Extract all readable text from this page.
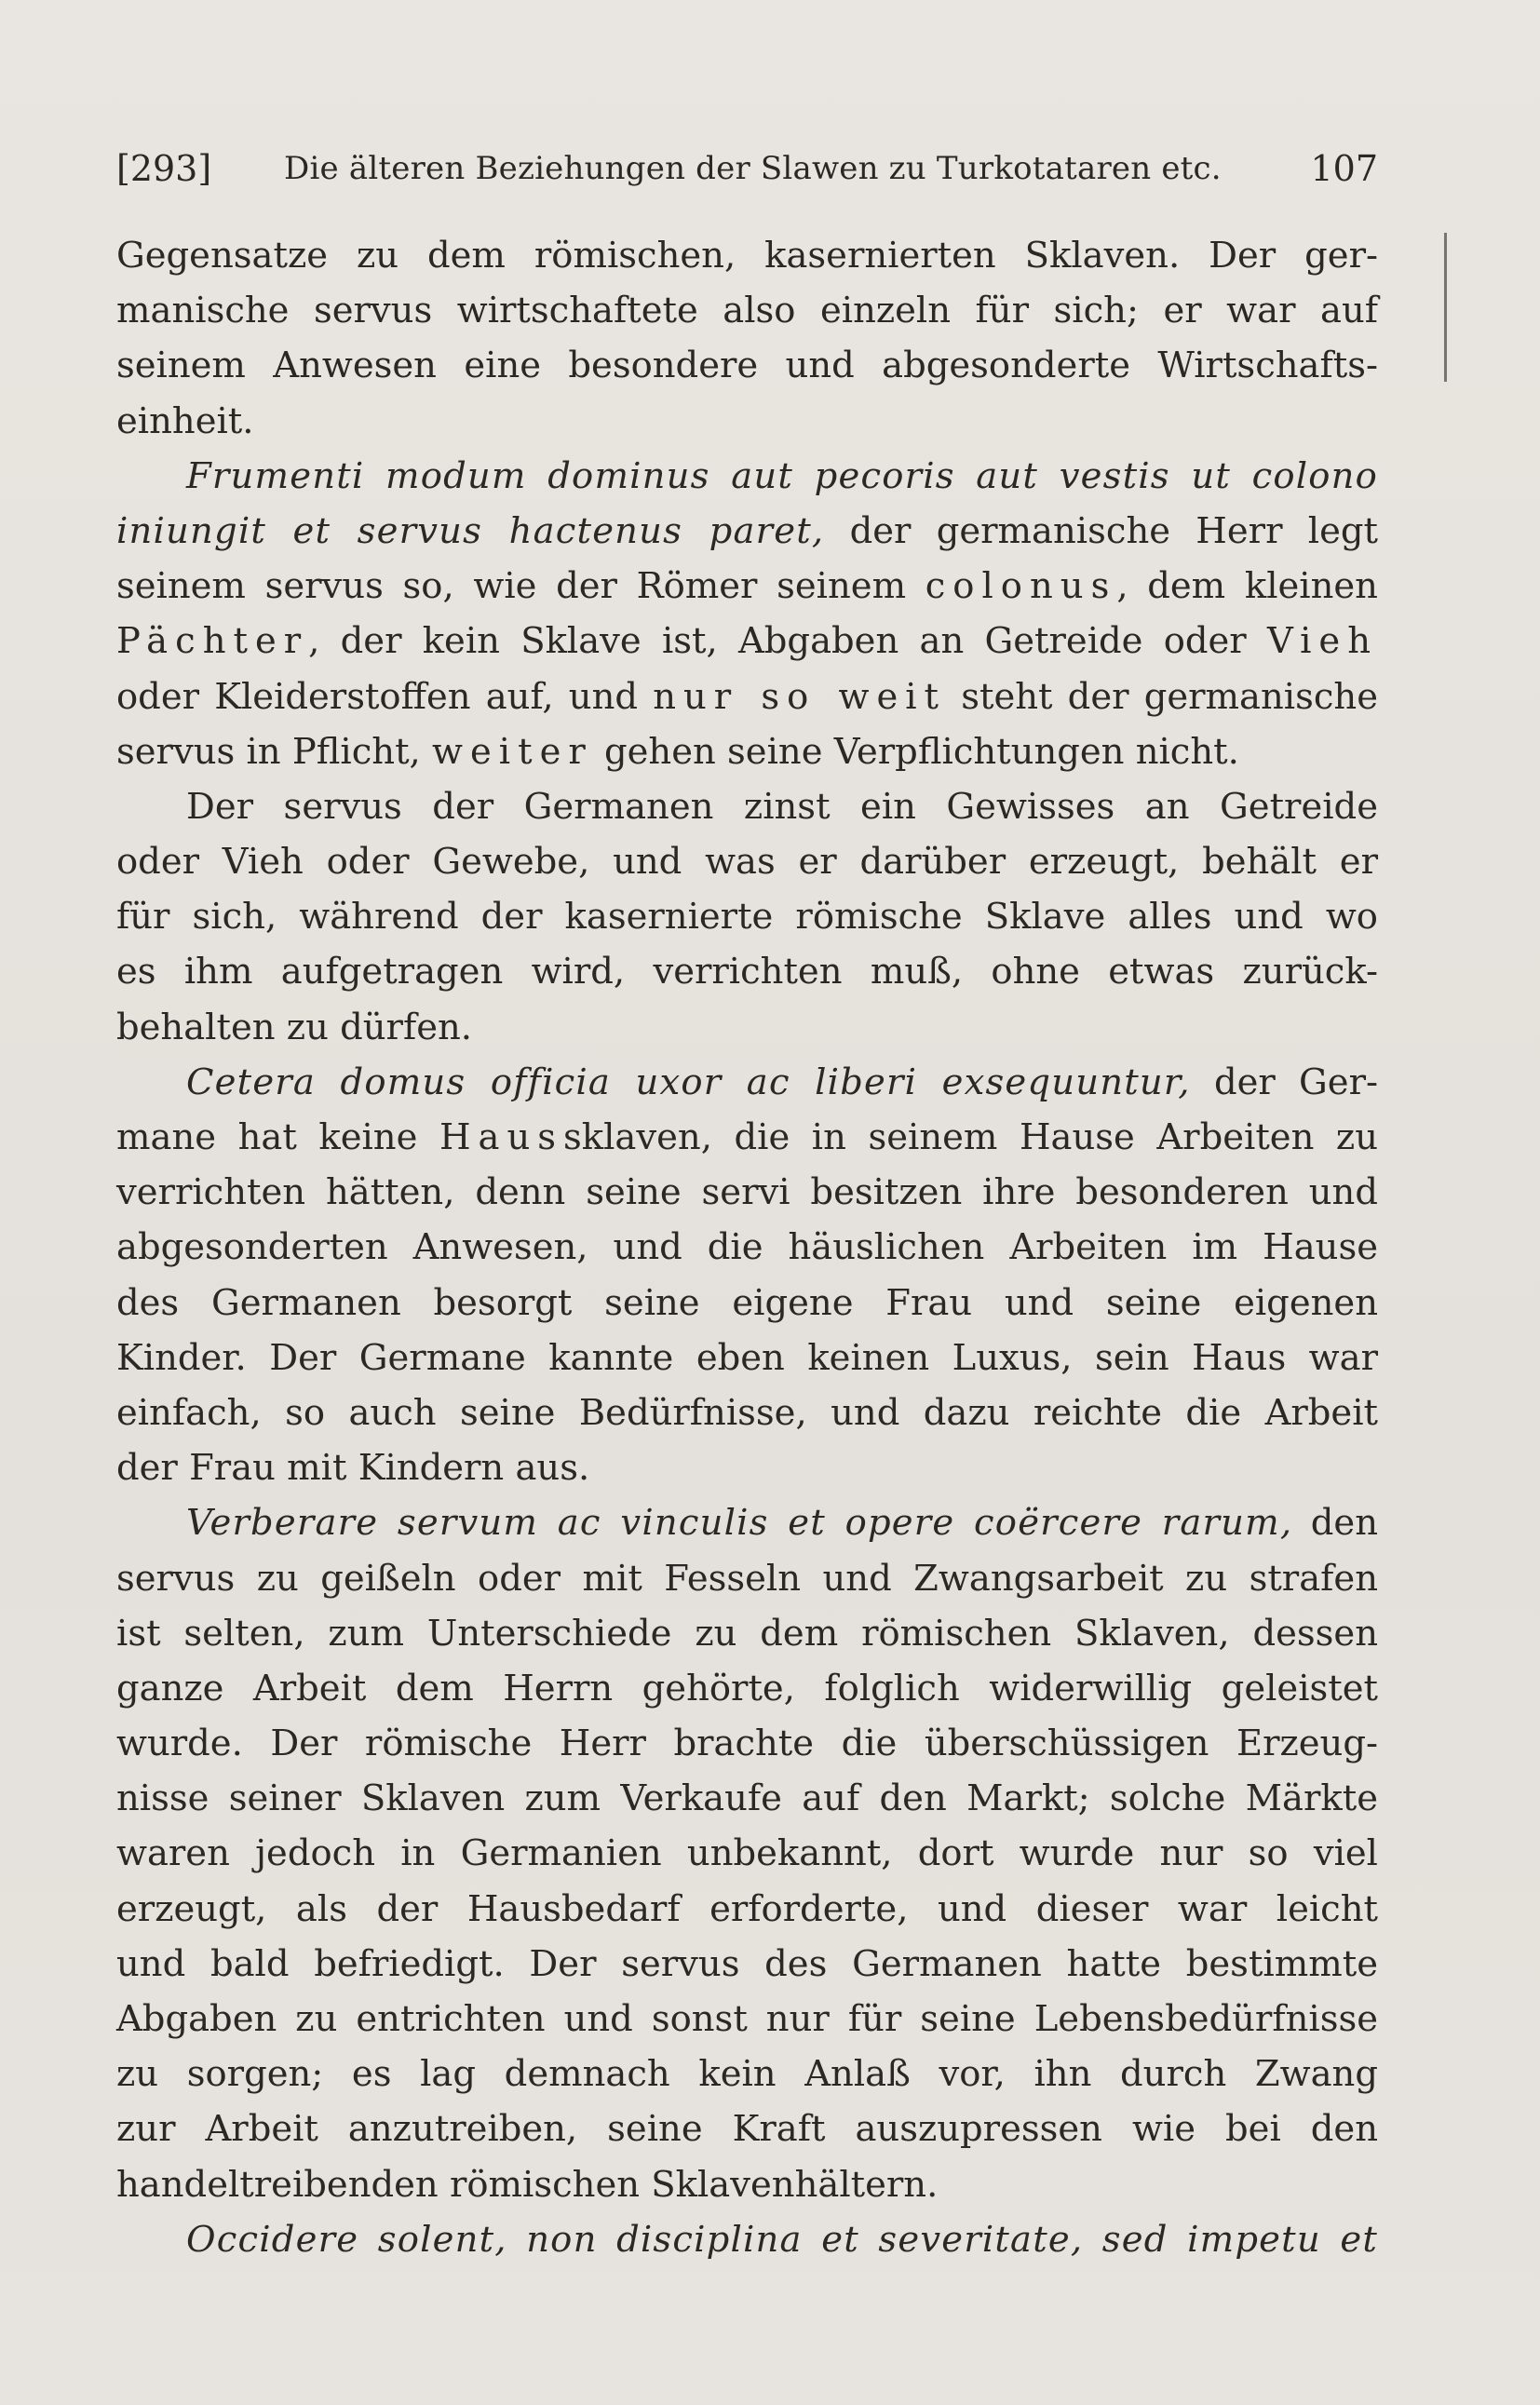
[293] Die älteren Beziehungen der Slawen zu Turkotataren etc.	107
Gegensatze zu dem römischen, kasernierten Sklaven. Der ger-
manische servus wirtschaftete also einzeln für sich; er war auf
seinem Anwesen eine besondere und abgesonderte Wirtschafts-
einheit.
Frumenti modum dominus aut pecoris aut vestis ut colono
iniungit et servus hactenus paret, der germanische Herr legt
seinem servus so, wie der Römer seinem colonus, dem kleinen
Pächter, der kein Sklave ist, Abgaben an Getreide oder Vieh
oder Kleiderstoffen auf, und nur so weit steht der germanische
servus in Pflicht, weiter gehen seine Verpflichtungen nicht.
Der servus der Germanen zinst ein Gewisses an Getreide
oder Vieh oder Gewebe, und was er darüber erzeugt, behält er
für sich, während der kasernierte römische Sklave alles und wo
es ihm aufgetragen wird, verrichten muß, ohne etwas zurück-
behalten zu dürfen.
Cetera domus officia uxor ac liberi exsequuntur, der Ger-
mane hat keine Haussklaven, die in seinem Hause Arbeiten zu
verrichten hätten, denn seine servi besitzen ihre besonderen und
abgesonderten Anwesen, und die häuslichen Arbeiten im Hause
des Germanen besorgt seine eigene Frau und seine eigenen
Kinder. Der Germane kannte eben keinen Luxus, sein Haus war
einfach, so auch seine Bedürfnisse, und dazu reichte die Arbeit
der Frau mit Kindern aus.
Verberare servum ac vinculis et opere coërcere rarum, den
servus zu geißeln oder mit Fesseln und Zwangsarbeit zu strafen
ist selten, zum Unterschiede zu dem römischen Sklaven, dessen
ganze Arbeit dem Herrn gehörte, folglich widerwillig geleistet
wurde. Der römische Herr brachte die überschüssigen Erzeug-
nisse seiner Sklaven zum Verkaufe auf den Markt; solche Märkte
waren jedoch in Germanien unbekannt, dort wurde nur so viel
erzeugt, als der Hausbedarf erforderte, und dieser war leicht
und bald befriedigt. Der servus des Germanen hatte bestimmte
Abgaben zu entrichten und sonst nur für seine Lebensbedürfnisse
zu sorgen; es lag demnach kein Anlaß vor, ihn durch Zwang
zur Arbeit anzutreiben, seine Kraft auszupressen wie bei den
handeltreibenden römischen Sklavenhältern.
Occidere solent, non disciplina et severitate, sed impetu et
